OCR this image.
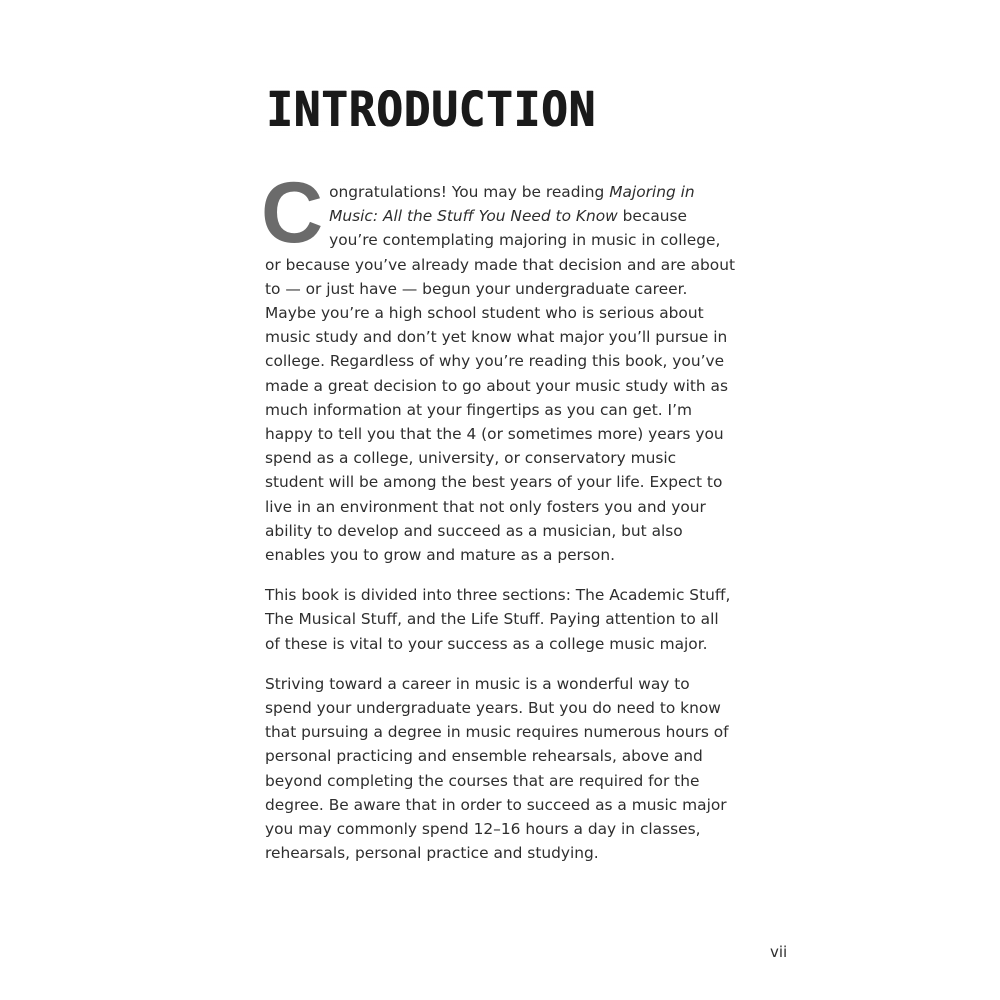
INTRODUCTION

Congratulations! You may be reading Majoring in Music: All the Stuff You Need to Know because you’re contemplating majoring in music in college, or because you’ve already made that decision and are about to — or just have — begun your undergraduate career. Maybe you’re a high school student who is serious about music study and don’t yet know what major you’ll pursue in college. Regardless of why you’re reading this book, you’ve made a great decision to go about your music study with as much information at your fingertips as you can get. I’m happy to tell you that the 4 (or sometimes more) years you spend as a college, university, or conservatory music student will be among the best years of your life. Expect to live in an environment that not only fosters you and your ability to develop and succeed as a musician, but also enables you to grow and mature as a person.

This book is divided into three sections: The Academic Stuff, The Musical Stuff, and the Life Stuff. Paying attention to all of these is vital to your success as a college music major.

Striving toward a career in music is a wonderful way to spend your undergraduate years. But you do need to know that pursuing a degree in music requires numerous hours of personal practicing and ensemble rehearsals, above and beyond completing the courses that are required for the degree. Be aware that in order to succeed as a music major you may commonly spend 12–16 hours a day in classes, rehearsals, personal practice and studying.

vii
